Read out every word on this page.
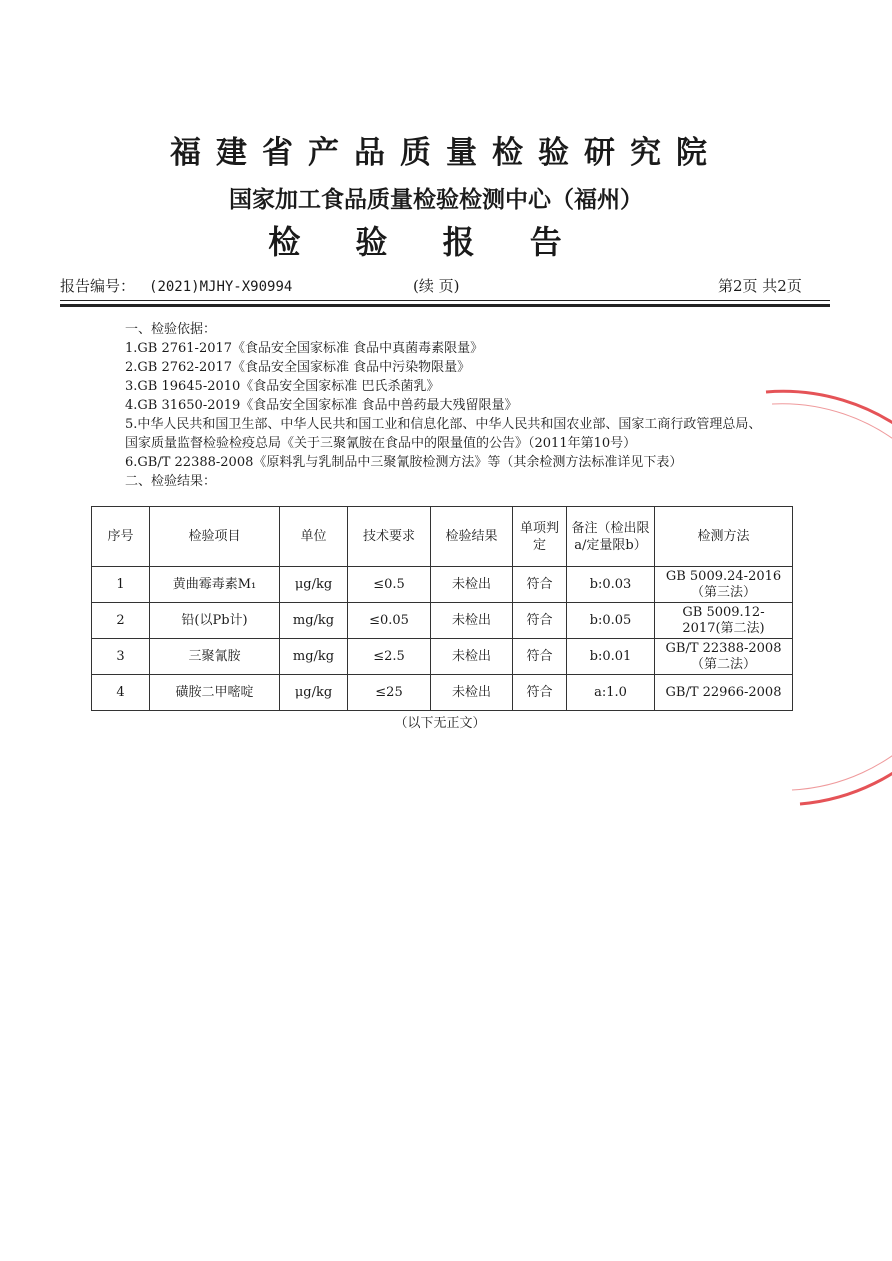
福建省产品质量检验研究院
国家加工食品质量检验检测中心（福州）
检 验 报 告
报告编号： (2021)MJHY-X90994	(续 页)	第2页 共2页
一、检验依据：
1.GB 2761-2017《食品安全国家标准 食品中真菌毒素限量》
2.GB 2762-2017《食品安全国家标准 食品中污染物限量》
3.GB 19645-2010《食品安全国家标准 巴氏杀菌乳》
4.GB 31650-2019《食品安全国家标准 食品中兽药最大残留限量》
5.中华人民共和国卫生部、中华人民共和国工业和信息化部、中华人民共和国农业部、国家工商行政管理总局、国家质量监督检验检疫总局《关于三聚氰胺在食品中的限量值的公告》（2011年第10号）
6.GB/T 22388-2008《原料乳与乳制品中三聚氰胺检测方法》等（其余检测方法标准详见下表）
二、检验结果：
序号	检验项目	单位	技术要求	检验结果	单项判定	备注（检出限a/定量限b）	检测方法
1	黄曲霉毒素M₁	μg/kg	≤0.5	未检出	符合	b:0.03	GB 5009.24-2016（第三法）
2	铅(以Pb计)	mg/kg	≤0.05	未检出	符合	b:0.05	GB 5009.12-2017(第二法)
3	三聚氰胺	mg/kg	≤2.5	未检出	符合	b:0.01	GB/T 22388-2008（第二法）
4	磺胺二甲嘧啶	μg/kg	≤25	未检出	符合	a:1.0	GB/T 22966-2008
（以下无正文）
